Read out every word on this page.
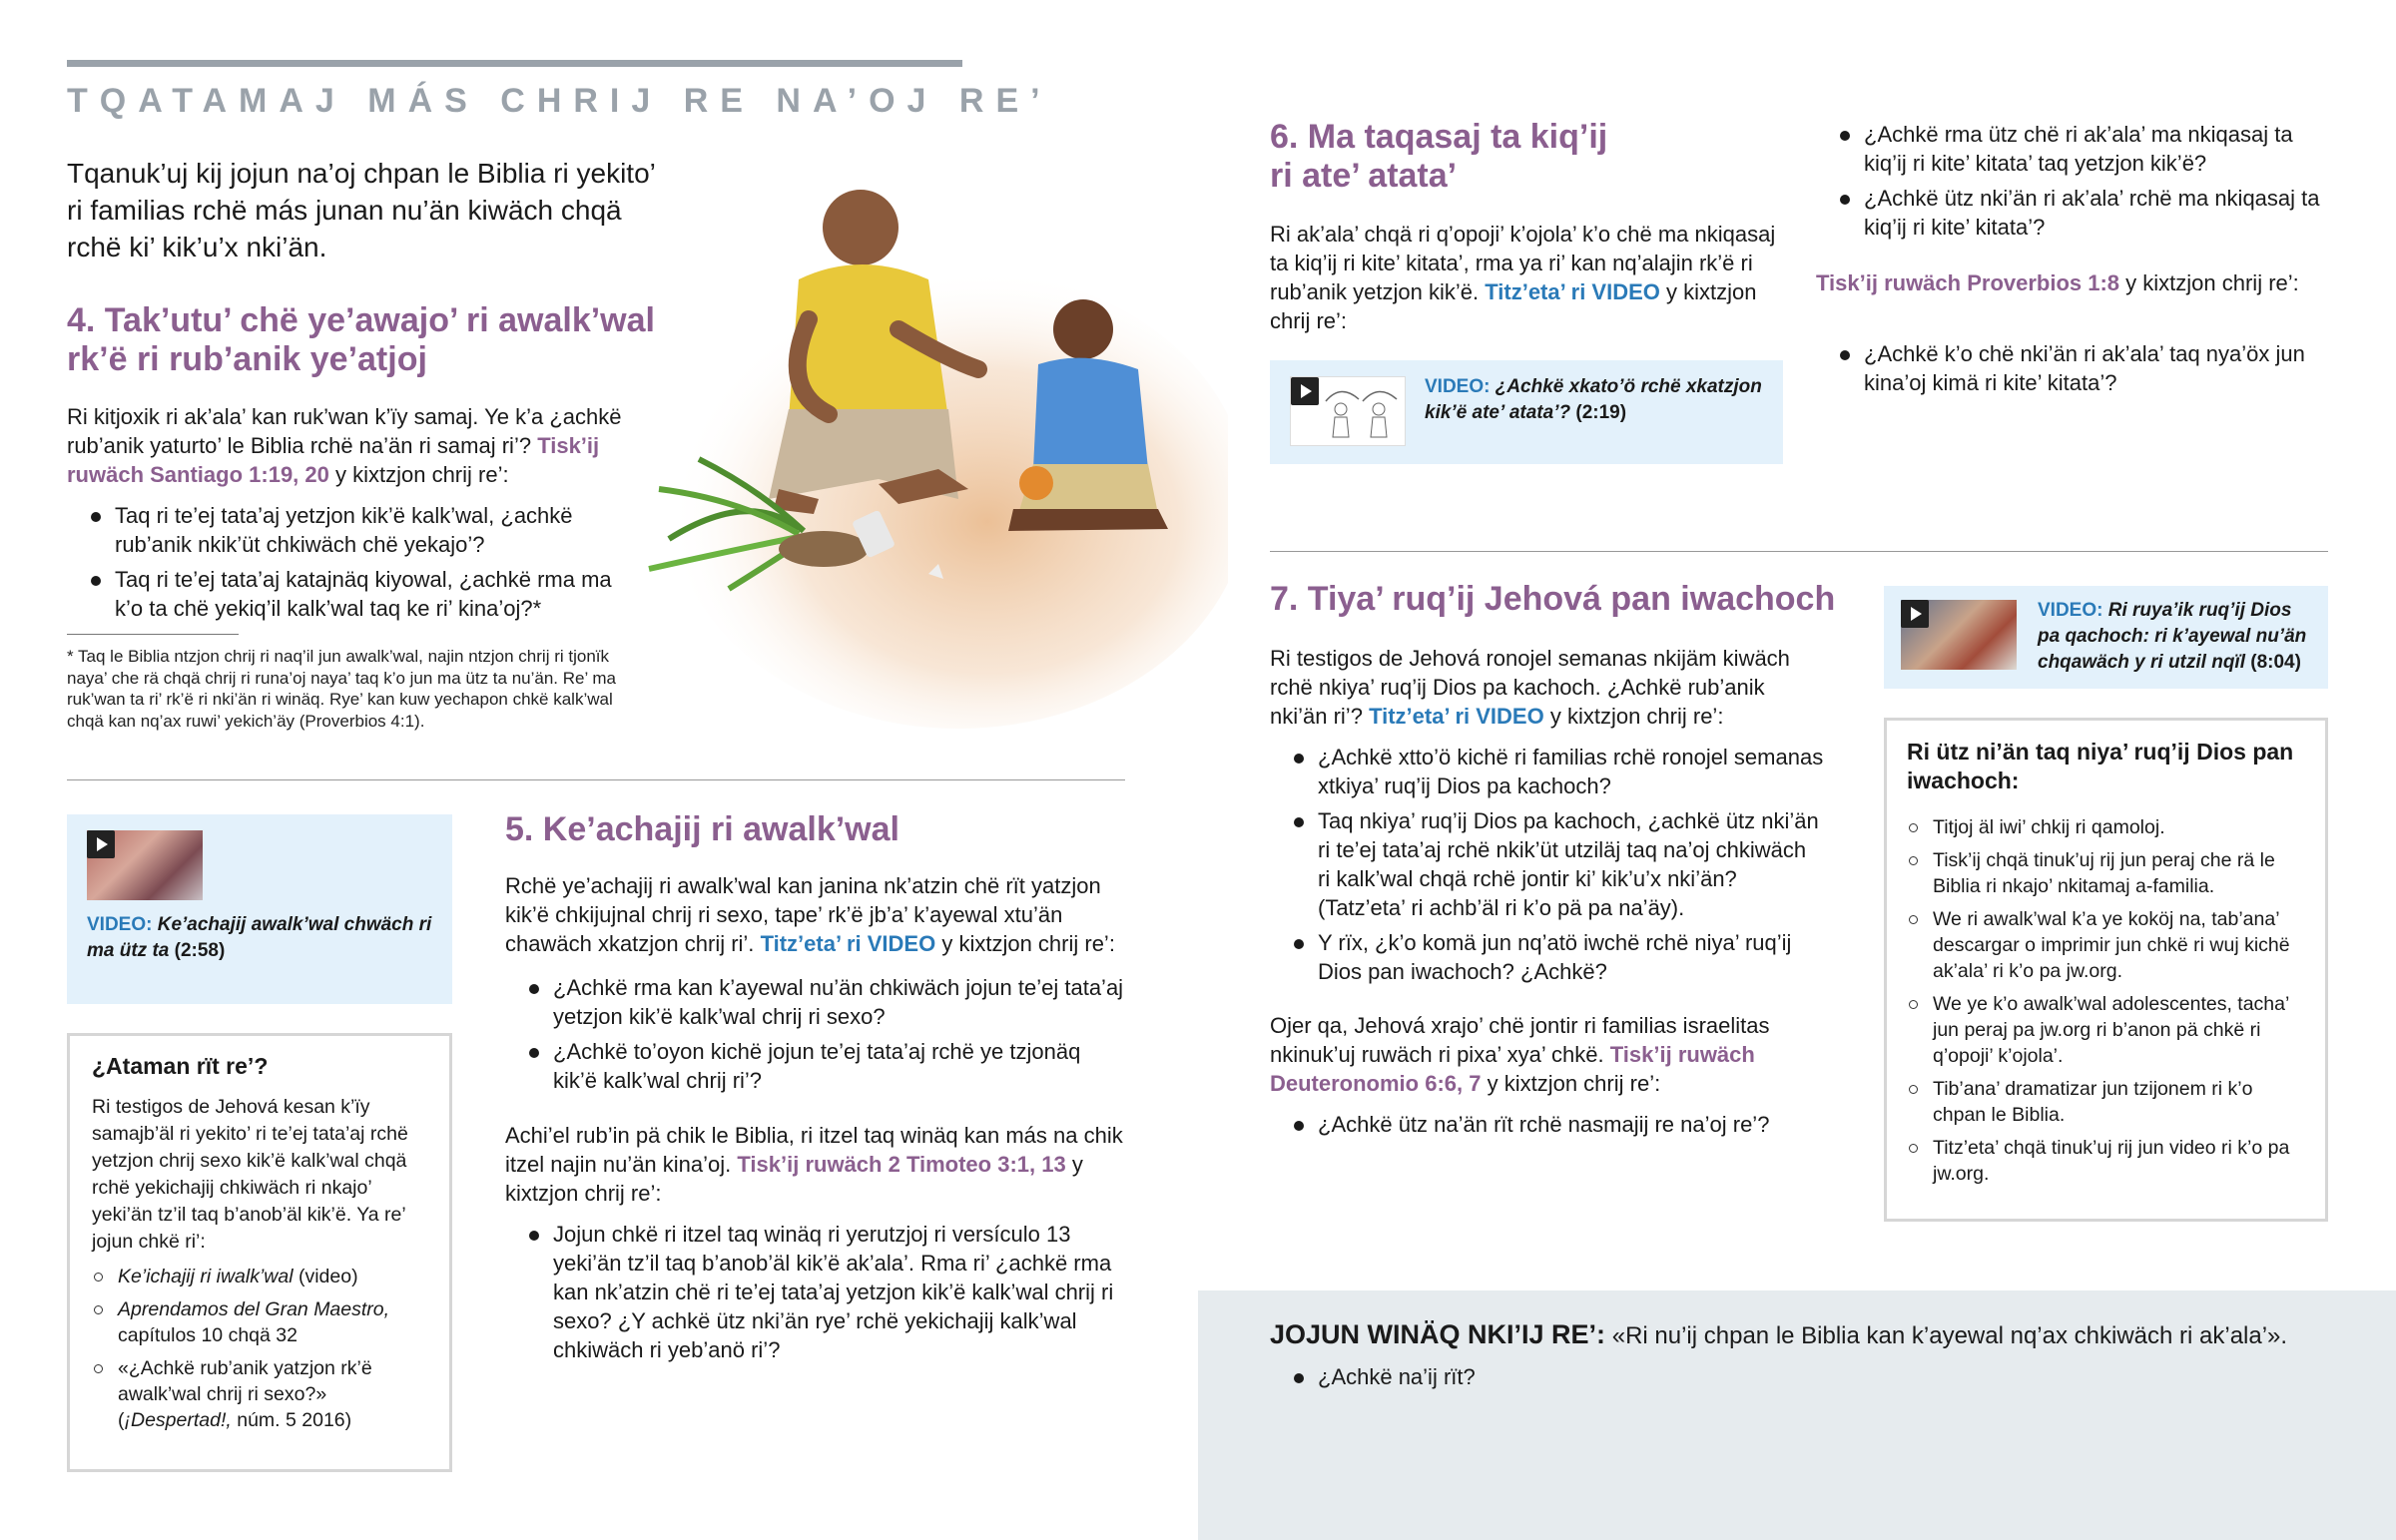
TQATAMAJ MÁS CHRIJ RE NA’OJ RE’
Tqanuk’uj kij jojun na’oj chpan le Biblia ri yekito’ ri familias rchë más junan nu’än kiwäch chqä rchë ki’ kik’u’x nki’än.
4. Tak’utu’ chë ye’awajo’ ri awalk’wal rk’ë ri rub’anik ye’atjoj

Ri kitjoxik ri ak’ala’ kan ruk’wan k’ïy samaj. Ye k’a ¿achkë rub’anik yaturto’ le Biblia rchë na’än ri samaj ri’? Tisk’ij ruwäch Santiago 1:19, 20 y kixtzjon chrij re’:

Taq ri te’ej tata’aj yetzjon kik’ë kalk’wal, ¿achkë rub’anik nkik’üt chkiwäch chë yekajo’?
Taq ri te’ej tata’aj katajnäq kiyowal, ¿achkë rma ma k’o ta chë yekiq’il kalk’wal taq ke ri’ kina’oj?*

* Taq le Biblia ntzjon chrij ri naq’il jun awalk’wal, najin ntzjon chrij ri tjonïk naya’ che rä chqä chrij ri runa’oj naya’ taq k’o jun ma ütz ta nu’än. Re’ ma ruk’wan ta ri’ rk’ë ri nki’än ri winäq. Rye’ kan kuw yechapon chkë kalk’wal chqä kan nq’ax ruwi’ yekich’äy (Proverbios 4:1).

VIDEO: Ke’achajij awalk’wal chwäch ri ma ütz ta (2:58)

¿Ataman rït re’?

Ri testigos de Jehová kesan k’ïy samajb’äl ri yekito’ ri te’ej tata’aj rchë yetzjon chrij sexo kik’ë kalk’wal chqä rchë yekichajij chkiwäch ri nkajo’ yeki’än tz’il taq b’anob’äl kik’ë. Ya re’ jojun chkë ri’:

Ke’ichajij ri iwalk’wal (video)
Aprendamos del Gran Maestro, capítulos 10 chqä 32
«¿Achkë rub’anik yatzjon rk’ë awalk’wal chrij ri sexo?» (¡Despertad!, núm. 5 2016)
5. Ke’achajij ri awalk’wal

Rchë ye’achajij ri awalk’wal kan janina nk’atzin chë rït yatzjon kik’ë chkijujnal chrij ri sexo, tape’ rk’ë jb’a’ k’ayewal xtu’än chawäch xkatzjon chrij ri’. Titz’eta’ ri VIDEO y kixtzjon chrij re’:

¿Achkë rma kan k’ayewal nu’än chkiwäch jojun te’ej tata’aj yetzjon kik’ë kalk’wal chrij ri sexo?
¿Achkë to’oyon kichë jojun te’ej tata’aj rchë ye tzjonäq kik’ë kalk’wal chrij ri’?

Achi’el rub’in pä chik le Biblia, ri itzel taq winäq kan más na chik itzel najin nu’än kina’oj. Tisk’ij ruwäch 2 Timoteo 3:1, 13 y kixtzjon chrij re’:

Jojun chkë ri itzel taq winäq ri yerutzjoj ri versículo 13 yeki’än tz’il taq b’anob’äl kik’ë ak’ala’. Rma ri’ ¿achkë rma kan nk’atzin chë ri te’ej tata’aj yetzjon kik’ë kalk’wal chrij ri sexo? ¿Y achkë ütz nki’än rye’ rchë yekichajij kalk’wal chkiwäch ri yeb’anö ri’?
6. Ma taqasaj ta kiq’ij ri ate’ atata’

Ri ak’ala’ chqä ri q’opoji’ k’ojola’ k’o chë ma nkiqasaj ta kiq’ij ri kite’ kitata’, rma ya ri’ kan nq’alajin rk’ë ri rub’anik yetzjon kik’ë. Titz’eta’ ri VIDEO y kixtzjon chrij re’:

VIDEO: ¿Achkë xkato’ö rchë xkatzjon kik’ë ate’ atata’? (2:19)

¿Achkë rma ütz chë ri ak’ala’ ma nkiqasaj ta kiq’ij ri kite’ kitata’ taq yetzjon kik’ë?
¿Achkë ütz nki’än ri ak’ala’ rchë ma nkiqasaj ta kiq’ij ri kite’ kitata’?

Tisk’ij ruwäch Proverbios 1:8 y kixtzjon chrij re’:

¿Achkë k’o chë nki’än ri ak’ala’ taq nya’öx jun kina’oj kimä ri kite’ kitata’?
7. Tiya’ ruq’ij Jehová pan iwachoch

Ri testigos de Jehová ronojel semanas nkijäm kiwäch rchë nkiya’ ruq’ij Dios pa kachoch. ¿Achkë rub’anik nki’än ri’? Titz’eta’ ri VIDEO y kixtzjon chrij re’:

¿Achkë xtto’ö kichë ri familias rchë ronojel semanas xtkiya’ ruq’ij Dios pa kachoch?
Taq nkiya’ ruq’ij Dios pa kachoch, ¿achkë ütz nki’än ri te’ej tata’aj rchë nkik’üt utziläj taq na’oj chkiwäch ri kalk’wal chqä rchë jontir ki’ kik’u’x nki’än? (Tatz’eta’ ri achb’äl ri k’o pä pa na’äy).
Y rïx, ¿k’o komä jun nq’atö iwchë rchë niya’ ruq’ij Dios pan iwachoch? ¿Achkë?

Ojer qa, Jehová xrajo’ chë jontir ri familias israelitas nkinuk’uj ruwäch ri pixa’ xya’ chkë. Tisk’ij ruwäch Deuteronomio 6:6, 7 y kixtzjon chrij re’:

¿Achkë ütz na’än rït rchë nasmajij re na’oj re’?

VIDEO: Ri ruya’ik ruq’ij Dios pa qachoch: ri k’ayewal nu’än chqawäch y ri utzil nqïl (8:04)

Ri ütz ni’än taq niya’ ruq’ij Dios pan iwachoch:
Titjoj äl iwi’ chkij ri qamoloj.
Tisk’ij chqä tinuk’uj rij jun peraj che rä le Biblia ri nkajo’ nkitamaj a-familia.
We ri awalk’wal k’a ye koköj na, tab’ana’ descargar o imprimir jun chkë ri wuj kichë ak’ala’ ri k’o pa jw.org.
We ye k’o awalk’wal adolescentes, tacha’ jun peraj pa jw.org ri b’anon pä chkë ri q’opoji’ k’ojola’.
Tib’ana’ dramatizar jun tzijonem ri k’o chpan le Biblia.
Titz’eta’ chqä tinuk’uj rij jun video ri k’o pa jw.org.

JOJUN WINÄQ NKI’IJ RE’: «Ri nu’ij chpan le Biblia kan k’ayewal nq’ax chkiwäch ri ak’ala’».

¿Achkë na’ij rït?
